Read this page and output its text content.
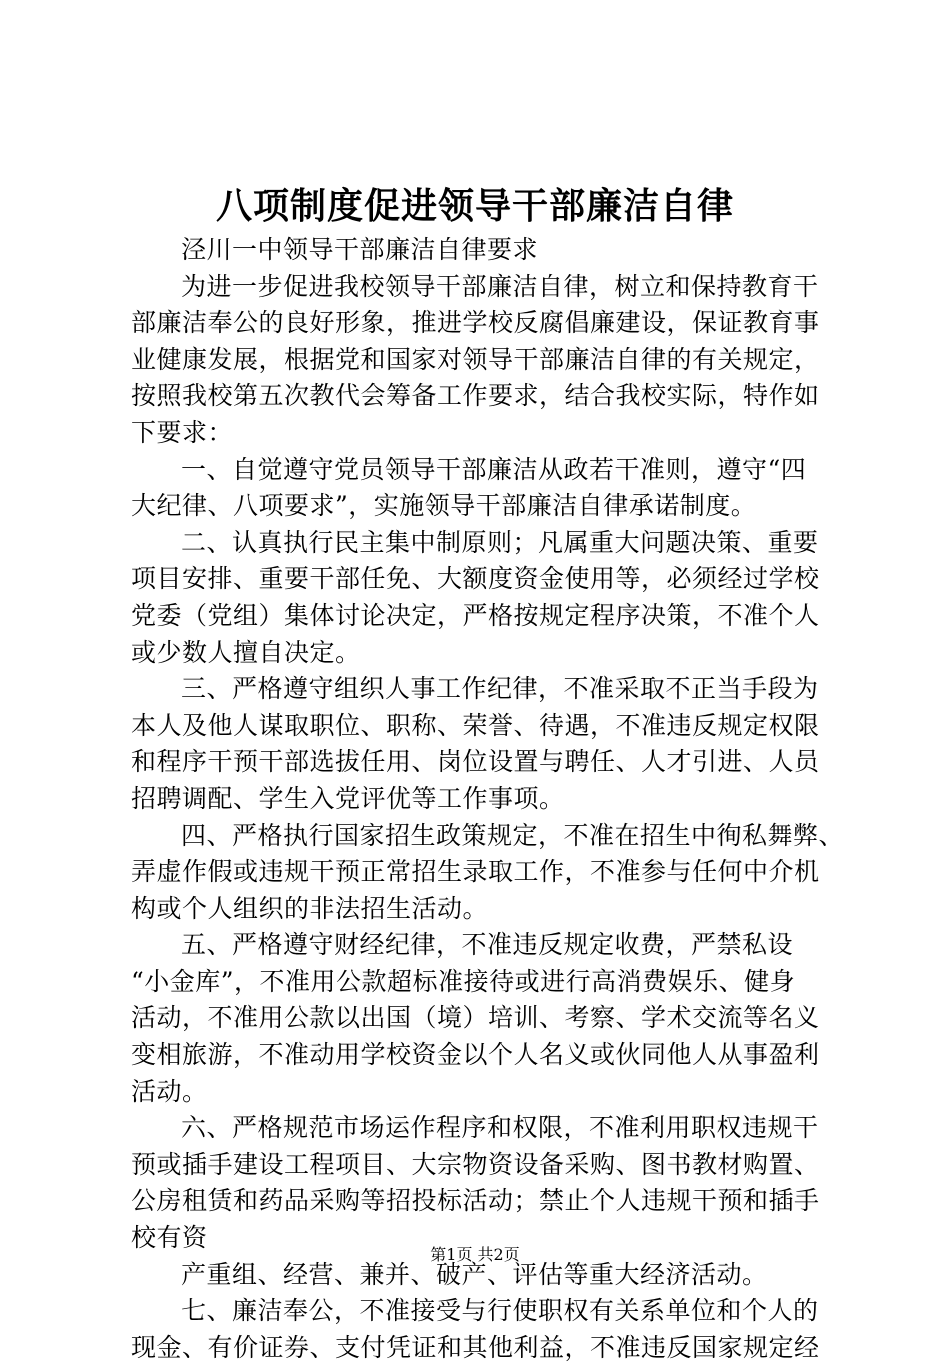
八项制度促进领导干部廉洁自律
泾川一中领导干部廉洁自律要求
为进一步促进我校领导干部廉洁自律，树立和保持教育干
部廉洁奉公的良好形象，推进学校反腐倡廉建设，保证教育事
业健康发展，根据党和国家对领导干部廉洁自律的有关规定，
按照我校第五次教代会筹备工作要求，结合我校实际，特作如
下要求：
一、自觉遵守党员领导干部廉洁从政若干准则，遵守“四
大纪律、八项要求”，实施领导干部廉洁自律承诺制度。
二、认真执行民主集中制原则；凡属重大问题决策、重要
项目安排、重要干部任免、大额度资金使用等，必须经过学校
党委（党组）集体讨论决定，严格按规定程序决策，不准个人
或少数人擅自决定。
三、严格遵守组织人事工作纪律，不准采取不正当手段为
本人及他人谋取职位、职称、荣誉、待遇，不准违反规定权限
和程序干预干部选拔任用、岗位设置与聘任、人才引进、人员
招聘调配、学生入党评优等工作事项。
四、严格执行国家招生政策规定，不准在招生中徇私舞弊、
弄虚作假或违规干预正常招生录取工作，不准参与任何中介机
构或个人组织的非法招生活动。
五、严格遵守财经纪律，不准违反规定收费，严禁私设
“小金库”，不准用公款超标准接待或进行高消费娱乐、健身
活动，不准用公款以出国（境）培训、考察、学术交流等名义
变相旅游，不准动用学校资金以个人名义或伙同他人从事盈利
活动。
六、严格规范市场运作程序和权限，不准利用职权违规干
预或插手建设工程项目、大宗物资设备采购、图书教材购置、
公房租赁和药品采购等招投标活动；禁止个人违规干预和插手
校有资
产重组、经营、兼并、破产、评估等重大经济活动。
七、廉洁奉公，不准接受与行使职权有关系单位和个人的
现金、有价证券、支付凭证和其他利益，不准违反国家规定经
第1页 共2页
